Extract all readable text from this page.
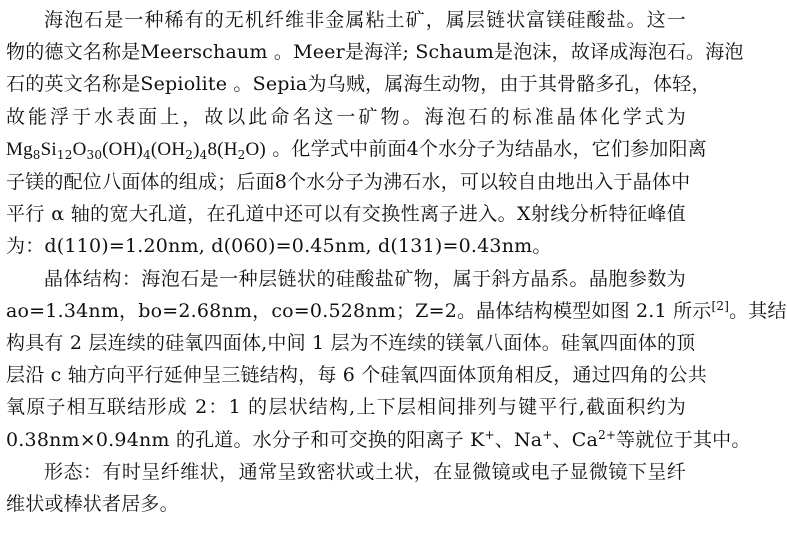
海泡石是一种稀有的无机纤维非金属粘土矿，属层链状富镁硅酸盐。这一
物的德文名称是Meerschaum 。Meer是海洋; Schaum是泡沫，故译成海泡石。海泡
石的英文名称是Sepiolite 。Sepia为乌贼，属海生动物，由于其骨骼多孔，体轻，
故能浮于水表面上，故以此命名这一矿物。海泡石的标准晶体化学式为
$Mg_8Si_{12}O_{30}(OH)_4(OH_2)_48(H_2O)$ 。化学式中前面4个水分子为结晶水，它们参加阳离
子镁的配位八面体的组成；后面8个水分子为沸石水，可以较自由地出入于晶体中
平行 α 轴的宽大孔道，在孔道中还可以有交换性离子进入。X射线分析特征峰值
为：d(110)=1.20nm, d(060)=0.45nm, d(131)=0.43nm。

晶体结构：海泡石是一种层链状的硅酸盐矿物，属于斜方晶系。晶胞参数为
ao=1.34nm，bo=2.68nm，co=0.528nm；Z=2。晶体结构模型如图 2.1 所示[2]。其结
构具有 2 层连续的硅氧四面体,中间 1 层为不连续的镁氧八面体。硅氧四面体的顶
层沿 c 轴方向平行延伸呈三链结构，每 6 个硅氧四面体顶角相反，通过四角的公共
氧原子相互联结形成 2：1 的层状结构,上下层相间排列与键平行,截面积约为
0.38nm×0.94nm 的孔道。水分子和可交换的阳离子 K+、Na+、$Ca^{2+}$等就位于其中。

形态：有时呈纤维状，通常呈致密状或土状，在显微镜或电子显微镜下呈纤
维状或棒状者居多。
